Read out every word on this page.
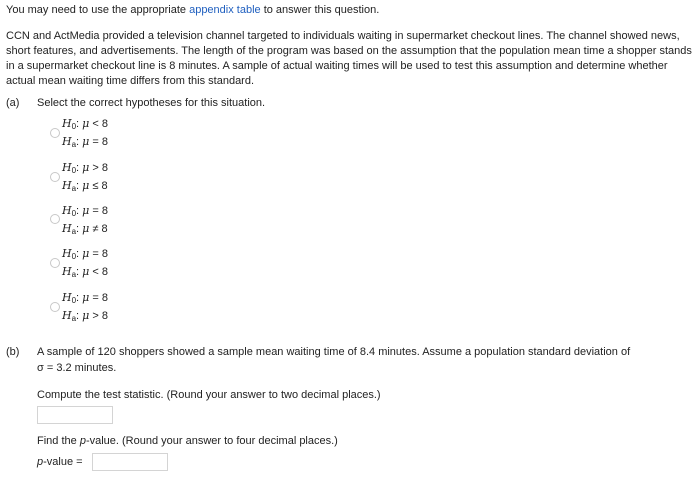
You may need to use the appropriate appendix table to answer this question.
CCN and ActMedia provided a television channel targeted to individuals waiting in supermarket checkout lines. The channel showed news, short features, and advertisements. The length of the program was based on the assumption that the population mean time a shopper stands in a supermarket checkout line is 8 minutes. A sample of actual waiting times will be used to test this assumption and determine whether actual mean waiting time differs from this standard.
(a) Select the correct hypotheses for this situation.
$H_0$: μ < 8
$H_a$: μ = 8
$H_0$: μ > 8
$H_a$: μ ≤ 8
$H_0$: μ = 8
$H_a$: μ ≠ 8
$H_0$: μ = 8
$H_a$: μ < 8
$H_0$: μ = 8
$H_a$: μ > 8
(b) A sample of 120 shoppers showed a sample mean waiting time of 8.4 minutes. Assume a population standard deviation of
σ = 3.2 minutes.
Compute the test statistic. (Round your answer to two decimal places.)
Find the p-value. (Round your answer to four decimal places.)
p-value =
